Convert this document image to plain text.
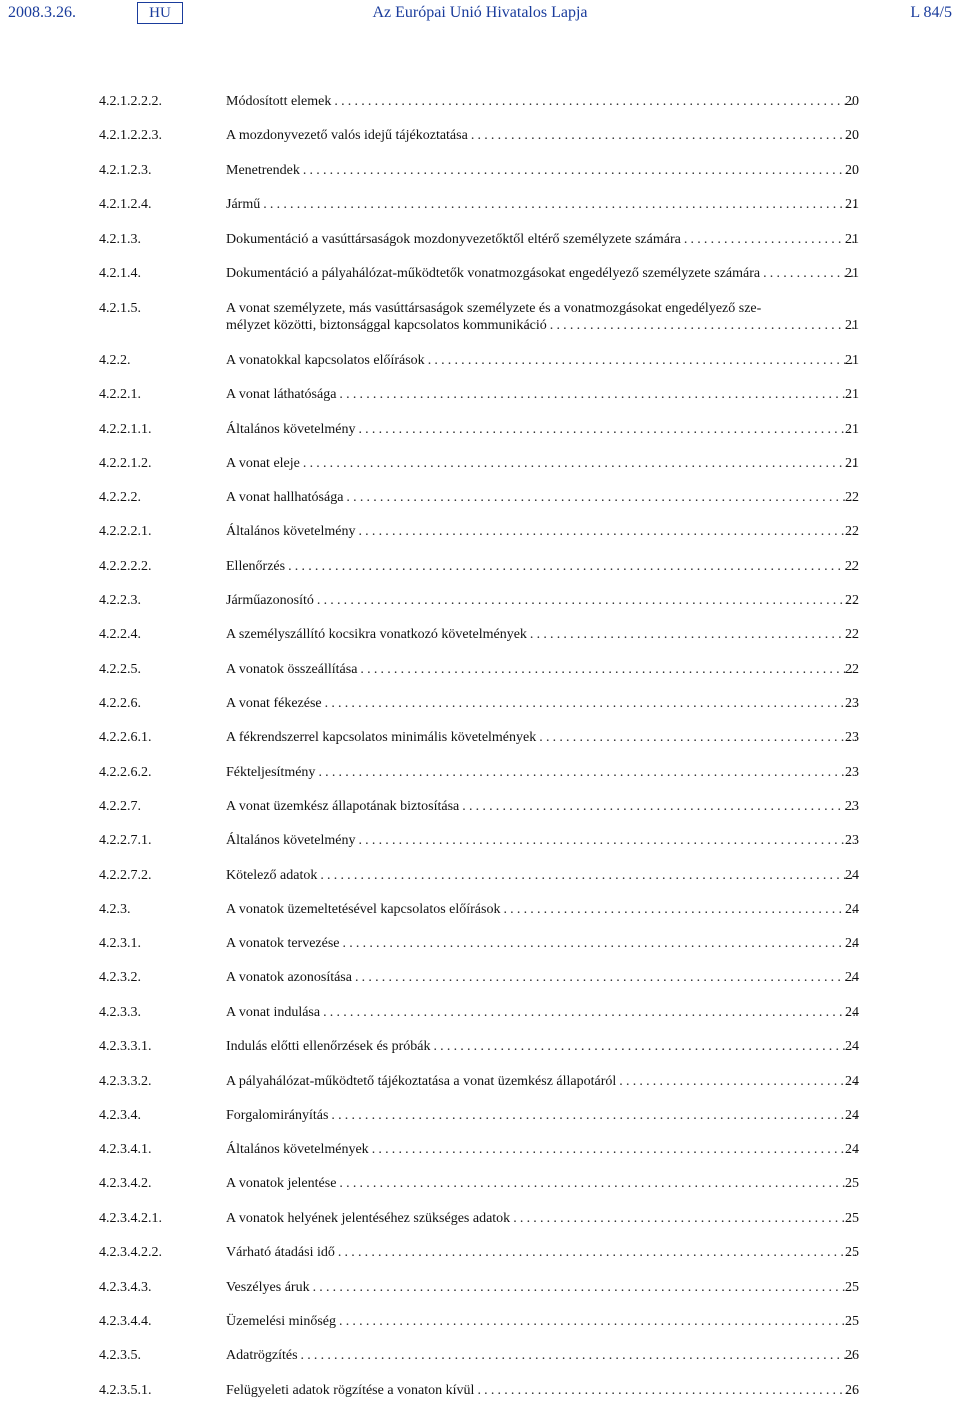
2008.3.26.	HU	Az Európai Unió Hivatalos Lapja	L 84/5
4.2.1.2.2.2.	Módosított elemek .....	20
4.2.1.2.2.3.	A mozdonyvezető valós idejű tájékoztatása .....	20
4.2.1.2.3.	Menetrendek .....	20
4.2.1.2.4.	Jármű .....	21
4.2.1.3.	Dokumentáció a vasúttársaságok mozdonyvezetőktől eltérő személyzete számára .....	21
4.2.1.4.	Dokumentáció a pályahálózat-működtetők vonatmozgásokat engedélyező személyzete számára .....	21
4.2.1.5.	A vonat személyzete, más vasúttársaságok személyzete és a vonatmozgásokat engedélyező sze-
mélyzet közötti, biztonsággal kapcsolatos kommunikáció .....	21
4.2.2.	A vonatokkal kapcsolatos előírások .....	21
4.2.2.1.	A vonat láthatósága .....	21
4.2.2.1.1.	Általános követelmény .....	21
4.2.2.1.2.	A vonat eleje .....	21
4.2.2.2.	A vonat hallhatósága .....	22
4.2.2.2.1.	Általános követelmény .....	22
4.2.2.2.2.	Ellenőrzés .....	22
4.2.2.3.	Járműazonosító .....	22
4.2.2.4.	A személyszállító kocsikra vonatkozó követelmények .....	22
4.2.2.5.	A vonatok összeállítása .....	22
4.2.2.6.	A vonat fékezése .....	23
4.2.2.6.1.	A fékrendszerrel kapcsolatos minimális követelmények .....	23
4.2.2.6.2.	Fékteljesítmény .....	23
4.2.2.7.	A vonat üzemkész állapotának biztosítása .....	23
4.2.2.7.1.	Általános követelmény .....	23
4.2.2.7.2.	Kötelező adatok .....	24
4.2.3.	A vonatok üzemeltetésével kapcsolatos előírások .....	24
4.2.3.1.	A vonatok tervezése .....	24
4.2.3.2.	A vonatok azonosítása .....	24
4.2.3.3.	A vonat indulása .....	24
4.2.3.3.1.	Indulás előtti ellenőrzések és próbák .....	24
4.2.3.3.2.	A pályahálózat-működtető tájékoztatása a vonat üzemkész állapotáról .....	24
4.2.3.4.	Forgalomirányítás .....	24
4.2.3.4.1.	Általános követelmények .....	24
4.2.3.4.2.	A vonatok jelentése .....	25
4.2.3.4.2.1.	A vonatok helyének jelentéséhez szükséges adatok .....	25
4.2.3.4.2.2.	Várható átadási idő .....	25
4.2.3.4.3.	Veszélyes áruk .....	25
4.2.3.4.4.	Üzemelési minőség .....	25
4.2.3.5.	Adatrögzítés .....	26
4.2.3.5.1.	Felügyeleti adatok rögzítése a vonaton kívül .....	26
